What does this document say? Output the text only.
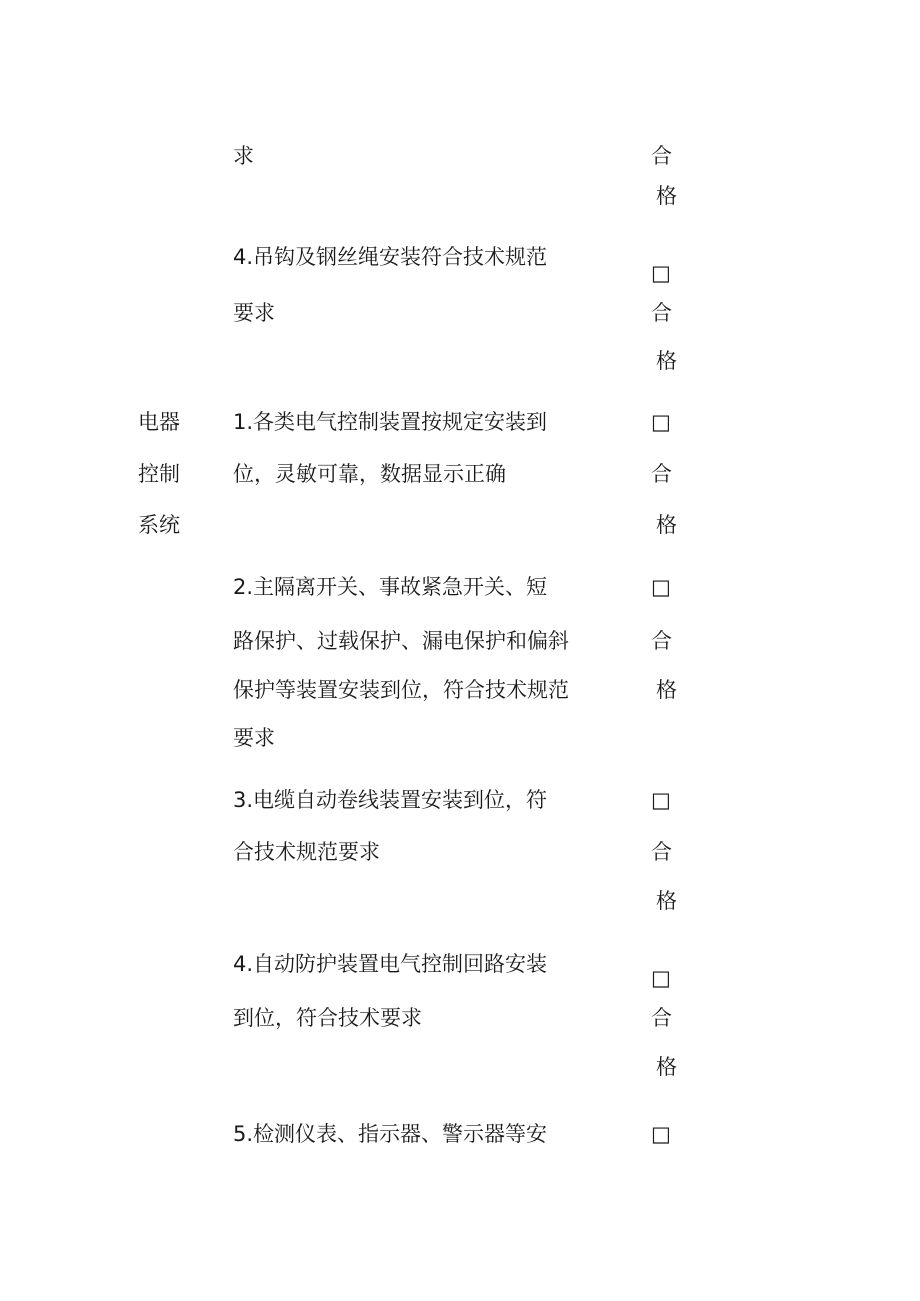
求	合
格
4.吊钩及钢丝绳安装符合技术规范
要求
□
合
格
电器
控制
系统
1.各类电气控制装置按规定安装到
位，灵敏可靠，数据显示正确
□
合
格
2.主隔离开关、事故紧急开关、短
路保护、过载保护、漏电保护和偏斜
保护等装置安装到位，符合技术规范
要求
□
合
格
3.电缆自动卷线装置安装到位，符
合技术规范要求
□
合
格
4.自动防护装置电气控制回路安装
到位，符合技术要求
□
合
格
5.检测仪表、指示器、警示器等安	□
